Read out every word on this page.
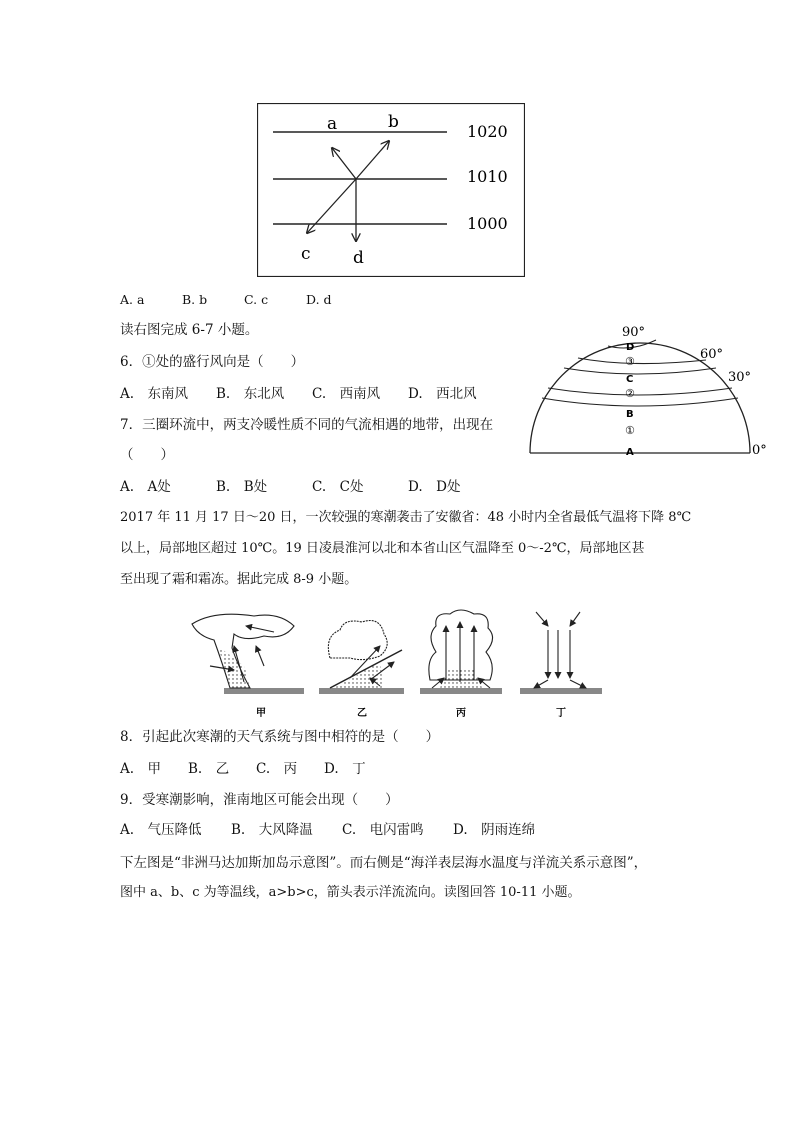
a	b
c d
1020
1010
1000
A. a	B. b	C. c	D. d
读右图完成 6-7 小题。
6．①处的盛行风向是（　　）
A.　东南风 B.　东北风 C.　西南风 D.　西北风
7．三圈环流中，两支冷暖性质不同的气流相遇的地带，出现在
（　　）
A.　A处	B.　B处	C.　C处	D.　D处
90°
60°
30°
0°
D
③
C
②
B
①
A
2017 年 11 月 17 日～20 日，一次较强的寒潮袭击了安徽省：48 小时内全省最低气温将下降 8℃
以上，局部地区超过 10℃。19 日凌晨淮河以北和本省山区气温降至 0～-2℃，局部地区甚
至出现了霜和霜冻。据此完成 8-9 小题。
甲	乙	丙	丁
8．引起此次寒潮的天气系统与图中相符的是（　　）
A.　甲 B.　乙 C.　丙 D.　丁
9．受寒潮影响，淮南地区可能会出现（　　）
A.　气压降低 B.　大风降温 C.　电闪雷鸣 D.　阴雨连绵
下左图是“非洲马达加斯加岛示意图”。而右侧是“海洋表层海水温度与洋流关系示意图”，
图中 a、b、c 为等温线，a>b>c，箭头表示洋流流向。读图回答 10-11 小题。
